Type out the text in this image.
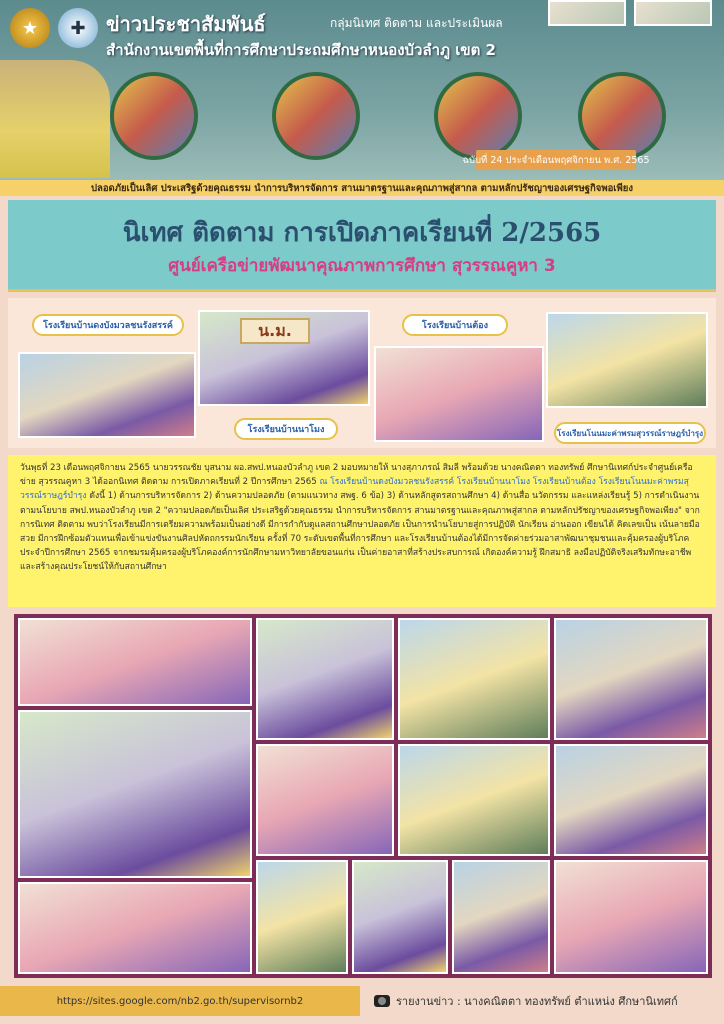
★	✚	ข่าวประชาสัมพันธ์	กลุ่มนิเทศ ติดตาม และประเมินผล
สำนักงานเขตพื้นที่การศึกษาประถมศึกษาหนองบัวลำภู เขต 2
ฉบับที่ 24 ประจำเดือนพฤศจิกายน พ.ศ. 2565
ปลอดภัยเป็นเลิศ ประเสริฐด้วยคุณธรรม นำการบริหารจัดการ สานมาตรฐานและคุณภาพสู่สากล ตามหลักปรัชญาของเศรษฐกิจพอเพียง
นิเทศ ติดตาม การเปิดภาคเรียนที่ 2/2565
ศูนย์เครือข่ายพัฒนาคุณภาพการศึกษา สุวรรณคูหา 3
โรงเรียนบ้านดงบังมวลชนรังสรรค์	น.ม.
โรงเรียนบ้านนาโมง
โรงเรียนบ้านต้อง
โรงเรียนโนนมะค่าพรมสุวรรณ์ราษฎร์บำรุง
วันพุธที่ 23 เดือนพฤศจิกายน 2565 นายวรรณชัย บุสนาม ผอ.สพป.หนองบัวลำภู เขต 2 มอบหมายให้ นางสุภาภรณ์ สิมลี พร้อมด้วย นางคณิตตา ทองทรัพย์ ศึกษานิเทศก์ประจำศูนย์เครือข่าย สุวรรณคูหา 3 ได้ออกนิเทศ ติดตาม การเปิดภาคเรียนที่ 2 ปีการศึกษา 2565 ณ โรงเรียนบ้านดงบังมวลชนรังสรรค์ โรงเรียนบ้านนาโมง โรงเรียนบ้านต้อง โรงเรียนโนนมะค่าพรมสุวรรณ์ราษฎร์บำรุง ดังนี้ 1) ด้านการบริหารจัดการ 2) ด้านความปลอดภัย (ตามแนวทาง สพฐ. 6 ข้อ) 3) ด้านหลักสูตรสถานศึกษา 4) ด้านสื่อ นวัตกรรม และแหล่งเรียนรู้ 5) การดำเนินงานตามนโยบาย สพป.หนองบัวลำภู เขต 2 "ความปลอดภัยเป็นเลิศ ประเสริฐด้วยคุณธรรม นำการบริหารจัดการ สานมาตรฐานและคุณภาพสู่สากล ตามหลักปรัชญาของเศรษฐกิจพอเพียง" จากการนิเทศ ติดตาม พบว่าโรงเรียนมีการเตรียมความพร้อมเป็นอย่างดี มีการกำกับดูแลสถานศึกษาปลอดภัย เป็นการนำนโยบายสู่การปฏิบัติ นักเรียน อ่านออก เขียนได้ คิดเลขเป็น เน้นลายมือสวย มีการฝึกซ้อมตัวแทนเพื่อเข้าแข่งขันงานศิลปหัตถกรรมนักเรียน ครั้งที่ 70 ระดับเขตพื้นที่การศึกษา และโรงเรียนบ้านต้องได้มีการจัดค่ายร่วมอาสาพัฒนาชุมชนและคุ้มครองผู้บริโภค ประจำปีการศึกษา 2565 จากชมรมคุ้มครองผู้บริโภคองค์การนักศึกษามหาวิทยาลัยขอนแก่น เป็นค่ายอาสาที่สร้างประสบการณ์ เกิดองค์ความรู้ ฝึกสมาธิ ลงมือปฏิบัติจริงเสริมทักษะอาชีพและสร้างคุณประโยชน์ให้กับสถานศึกษา
https://sites.google.com/nb2.go.th/supervisornb2	รายงานข่าว : นางคณิตตา ทองทรัพย์ ตำแหน่ง ศึกษานิเทศก์
